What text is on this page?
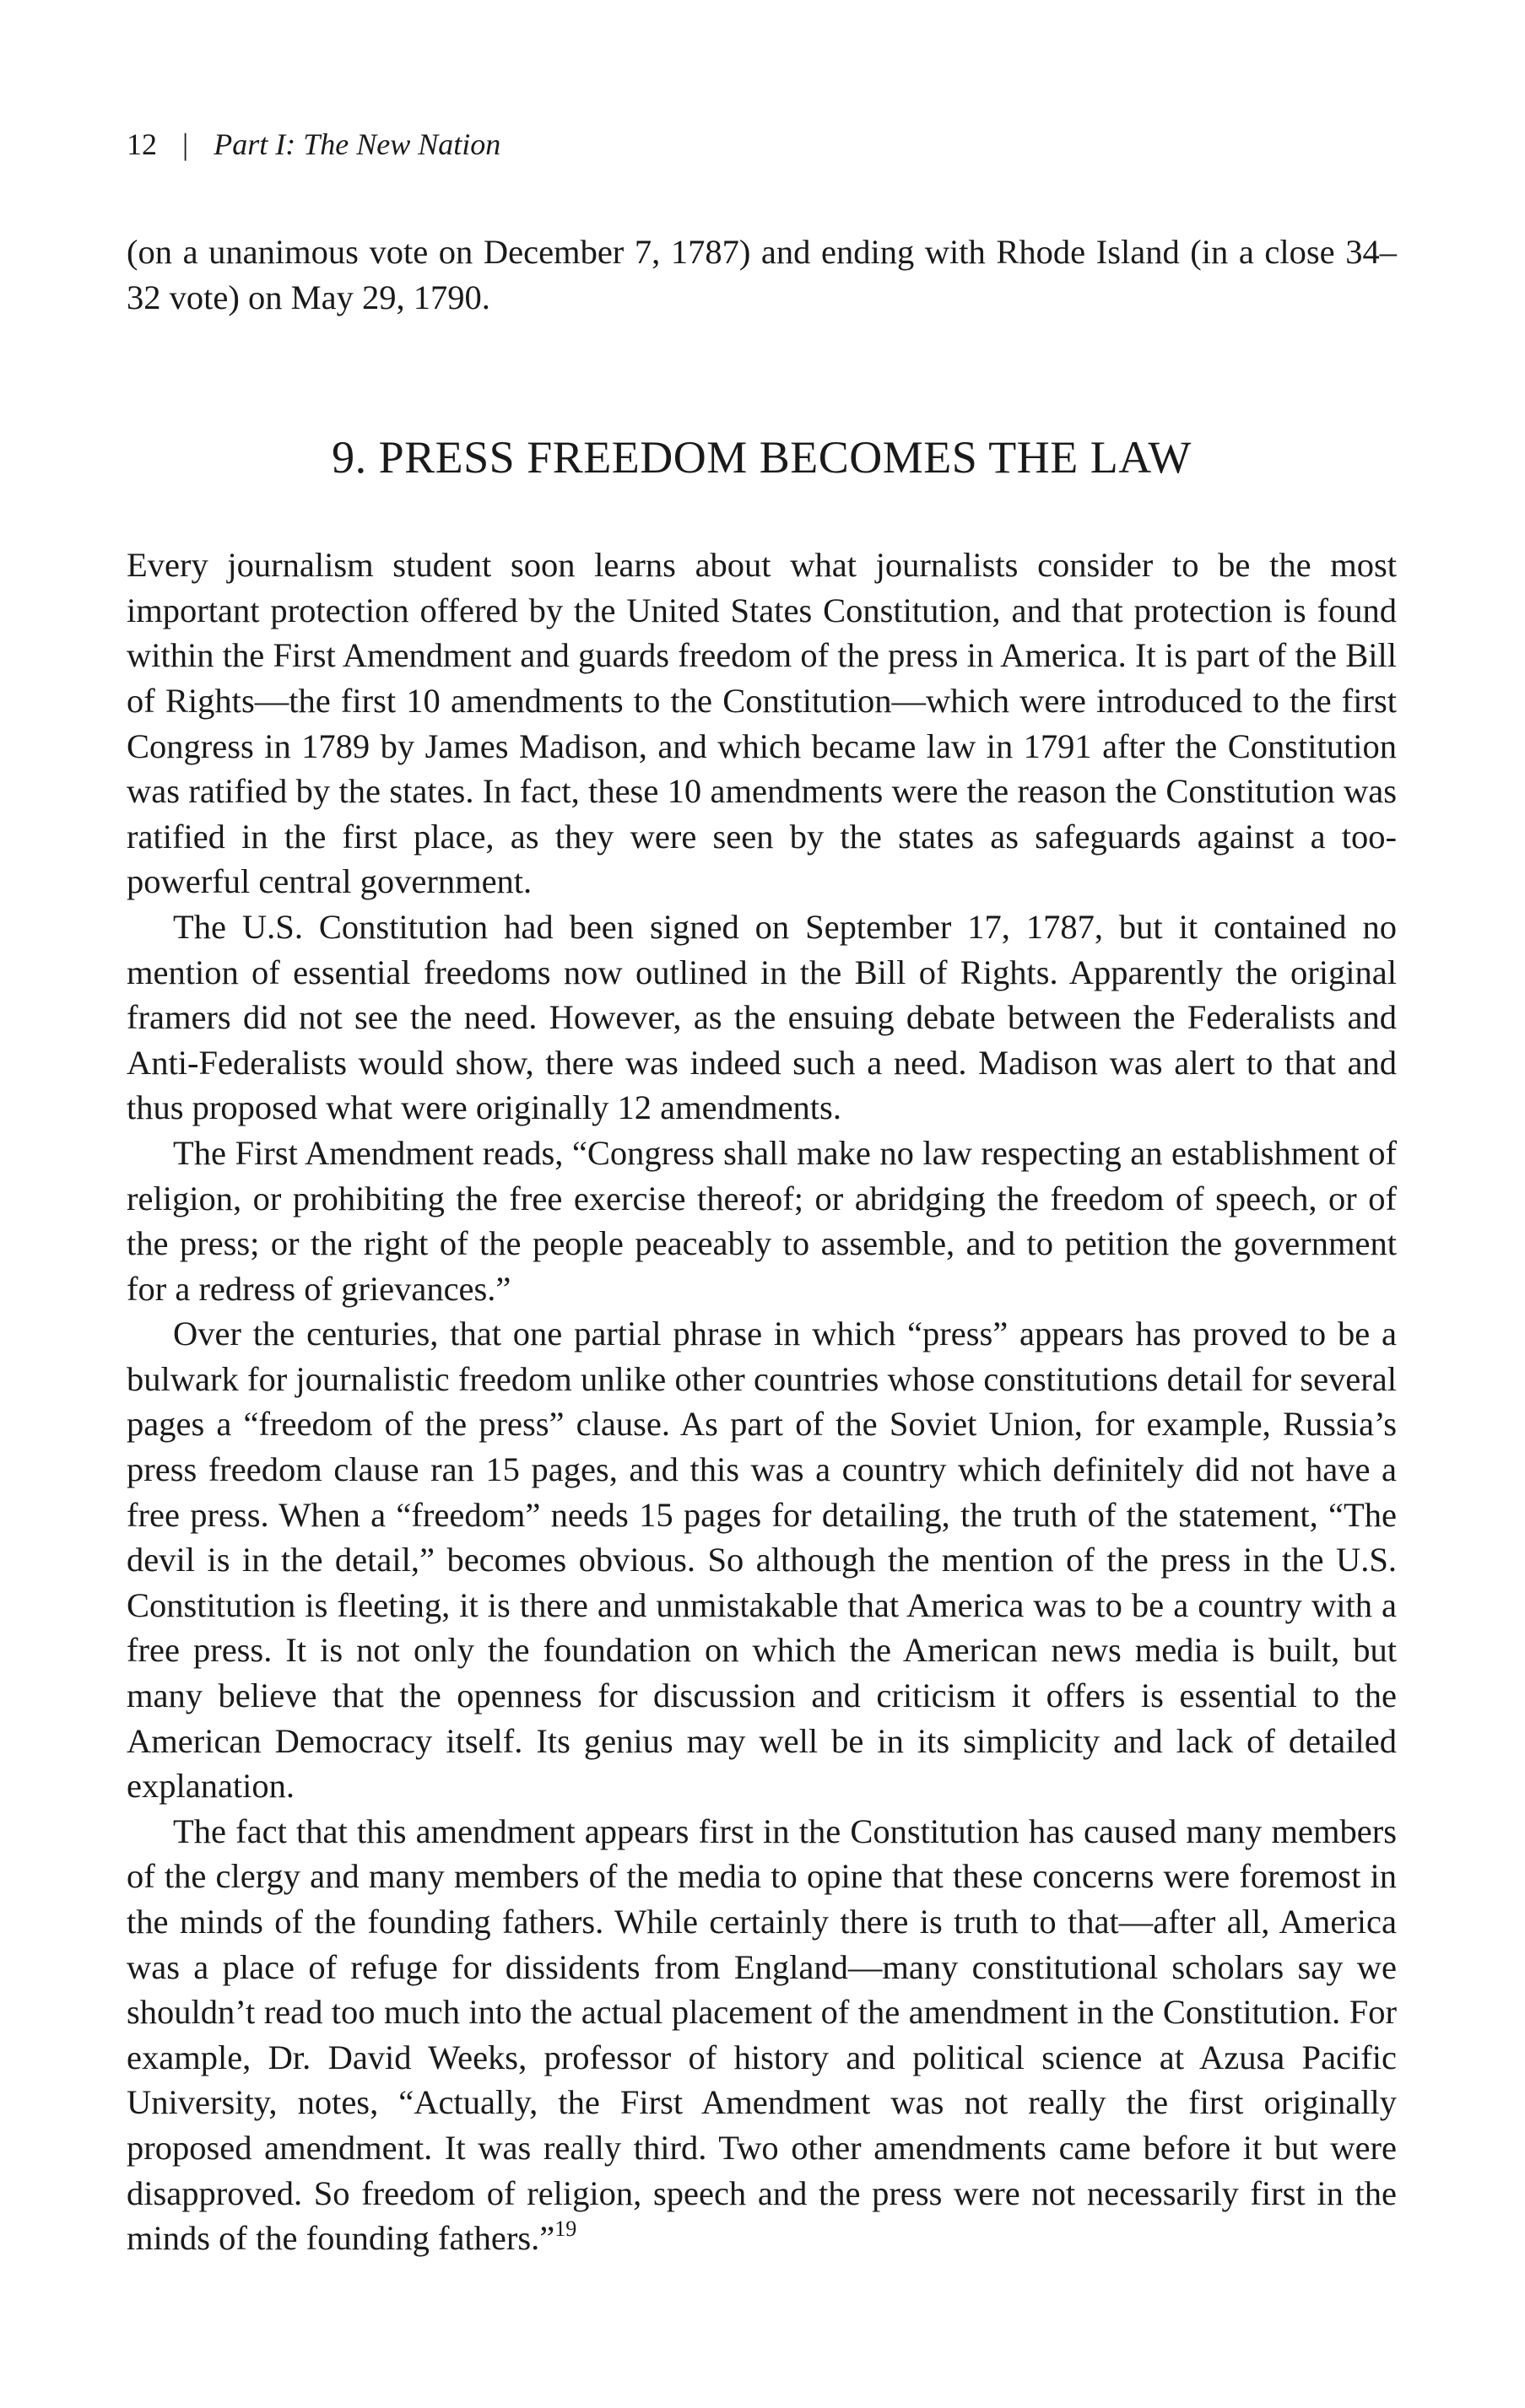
12 | Part I: The New Nation

(on a unanimous vote on December 7, 1787) and ending with Rhode Island (in a close 34–32 vote) on May 29, 1790.

9. PRESS FREEDOM BECOMES THE LAW

Every journalism student soon learns about what journalists consider to be the most important protection offered by the United States Constitution, and that protection is found within the First Amendment and guards freedom of the press in America. It is part of the Bill of Rights—the first 10 amendments to the Constitution—which were introduced to the first Congress in 1789 by James Madison, and which became law in 1791 after the Constitution was ratified by the states. In fact, these 10 amendments were the reason the Constitution was ratified in the first place, as they were seen by the states as safeguards against a too-powerful central government.

The U.S. Constitution had been signed on September 17, 1787, but it contained no mention of essential freedoms now outlined in the Bill of Rights. Apparently the original framers did not see the need. However, as the ensuing debate between the Federalists and Anti-Federalists would show, there was indeed such a need. Madison was alert to that and thus proposed what were originally 12 amendments.

The First Amendment reads, “Congress shall make no law respecting an establishment of religion, or prohibiting the free exercise thereof; or abridging the freedom of speech, or of the press; or the right of the people peaceably to assemble, and to petition the government for a redress of grievances.”

Over the centuries, that one partial phrase in which “press” appears has proved to be a bulwark for journalistic freedom unlike other countries whose constitutions detail for several pages a “freedom of the press” clause. As part of the Soviet Union, for example, Russia’s press freedom clause ran 15 pages, and this was a country which definitely did not have a free press. When a “freedom” needs 15 pages for detailing, the truth of the statement, “The devil is in the detail,” becomes obvious. So although the mention of the press in the U.S. Constitution is fleeting, it is there and unmistakable that America was to be a country with a free press. It is not only the foundation on which the American news media is built, but many believe that the openness for discussion and criticism it offers is essential to the American Democracy itself. Its genius may well be in its simplicity and lack of detailed explanation.

The fact that this amendment appears first in the Constitution has caused many members of the clergy and many members of the media to opine that these concerns were foremost in the minds of the founding fathers. While certainly there is truth to that—after all, America was a place of refuge for dissidents from England—many constitutional scholars say we shouldn’t read too much into the actual placement of the amendment in the Constitution. For example, Dr. David Weeks, professor of history and political science at Azusa Pacific University, notes, “Actually, the First Amendment was not really the first originally proposed amendment. It was really third. Two other amendments came before it but were disapproved. So freedom of religion, speech and the press were not necessarily first in the minds of the founding fathers.”$^{19}$
